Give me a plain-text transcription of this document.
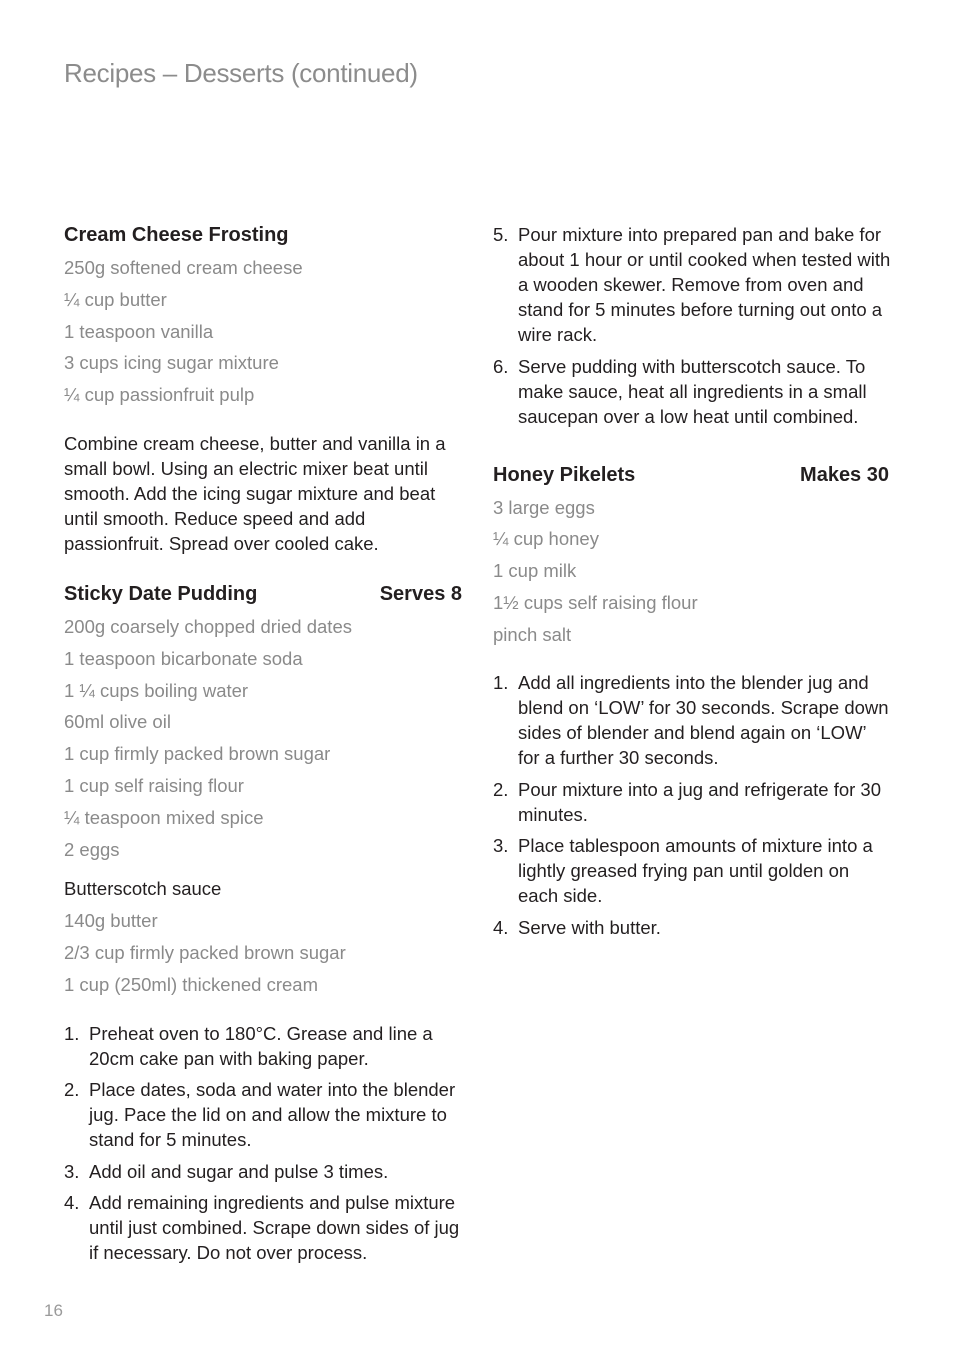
Recipes – Desserts (continued)
Cream Cheese Frosting
250g softened cream cheese
¼ cup butter
1 teaspoon vanilla
3 cups icing sugar mixture
¼ cup passionfruit pulp

Combine cream cheese, butter and vanilla in a small bowl. Using an electric mixer beat until smooth. Add the icing sugar mixture and beat until smooth. Reduce speed and add passionfruit. Spread over cooled cake.

Sticky Date Pudding	Serves 8
200g coarsely chopped dried dates
1 teaspoon bicarbonate soda
1 ¼ cups boiling water
60ml olive oil
1 cup firmly packed brown sugar
1 cup self raising flour
¼ teaspoon mixed spice
2 eggs
Butterscotch sauce
140g butter
2/3 cup firmly packed brown sugar
1 cup (250ml) thickened cream
1. Preheat oven to 180°C. Grease and line a 20cm cake pan with baking paper.
2. Place dates, soda and water into the blender jug. Pace the lid on and allow the mixture to stand for 5 minutes.
3. Add oil and sugar and pulse 3 times.
4. Add remaining ingredients and pulse mixture until just combined. Scrape down sides of jug if necessary. Do not over process.
5. Pour mixture into prepared pan and bake for about 1 hour or until cooked when tested with a wooden skewer. Remove from oven and stand for 5 minutes before turning out onto a wire rack.
6. Serve pudding with butterscotch sauce. To make sauce, heat all ingredients in a small saucepan over a low heat until combined.
Honey Pikelets	Makes 30
3 large eggs
¼ cup honey
1 cup milk
1½ cups self raising flour
pinch salt
1. Add all ingredients into the blender jug and blend on ‘LOW’ for 30 seconds. Scrape down sides of blender and blend again on ‘LOW’ for a further 30 seconds.
2. Pour mixture into a jug and refrigerate for 30 minutes.
3. Place tablespoon amounts of mixture into a lightly greased frying pan until golden on each side.
4. Serve with butter.
16
